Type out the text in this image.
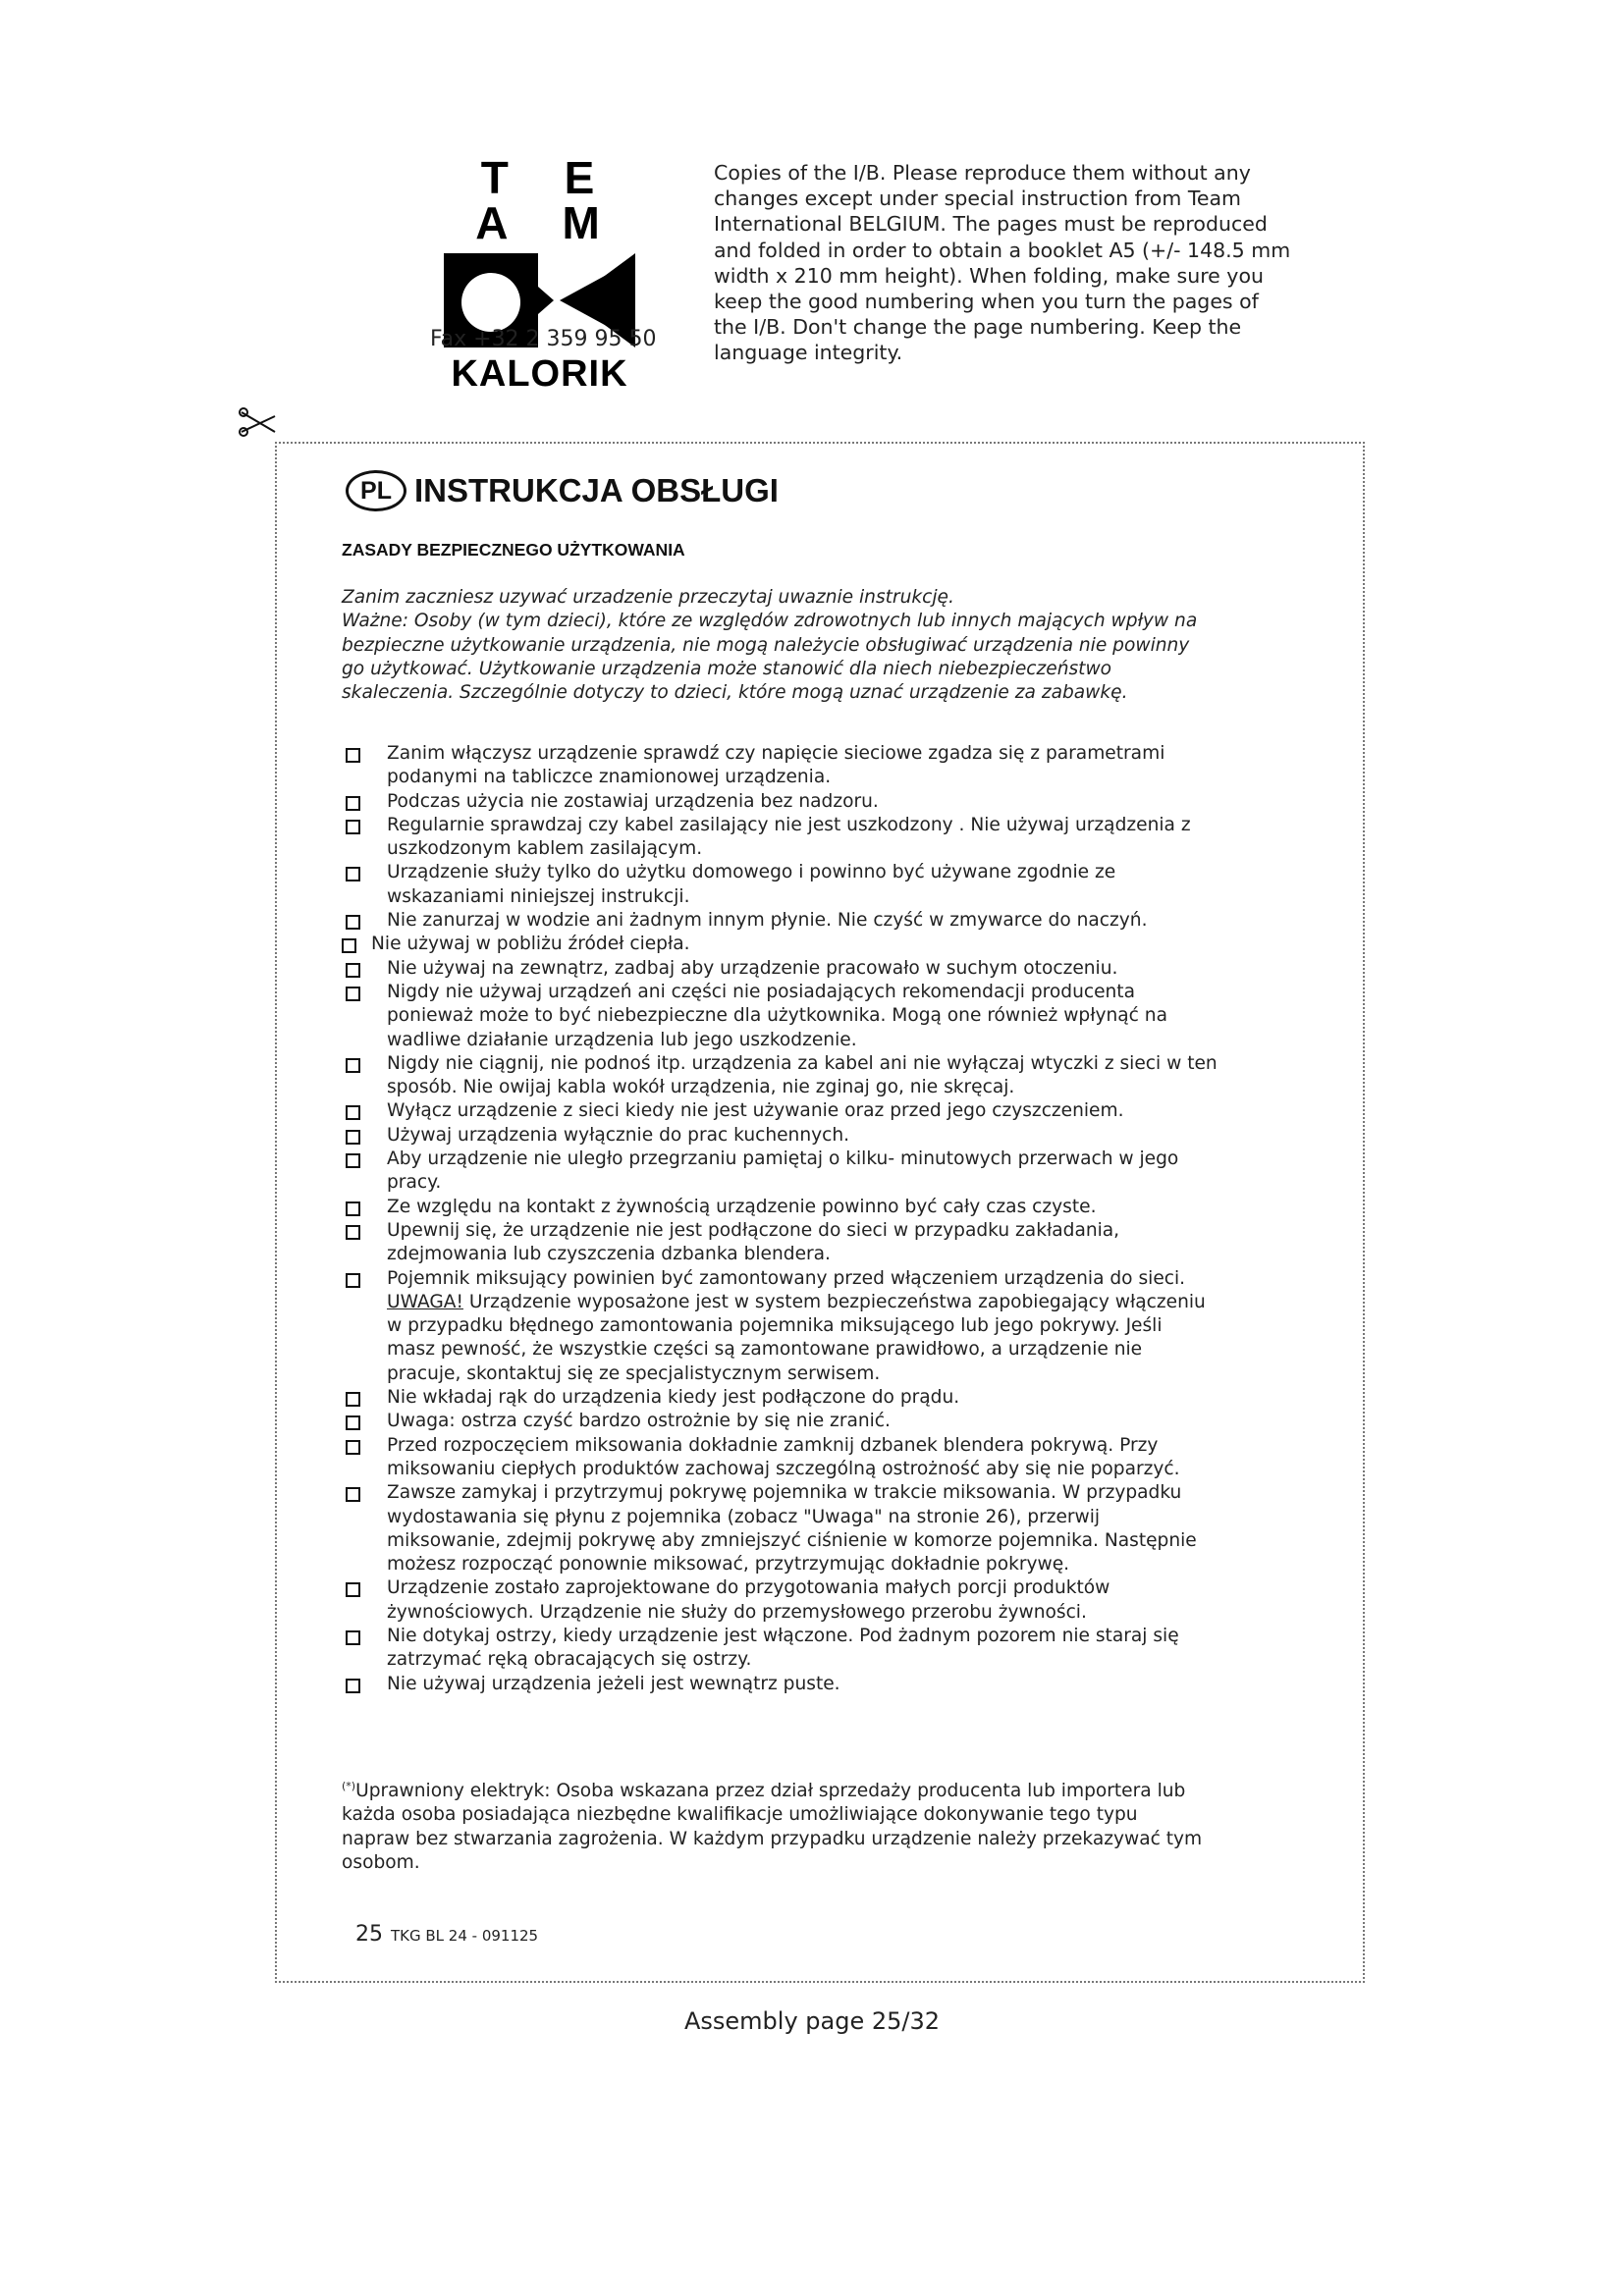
T E A M
KALORIK
Fax +32 2 359 95 50
Copies of the I/B. Please reproduce them without any
changes except under special instruction from Team
International BELGIUM. The pages must be reproduced
and folded in order to obtain a booklet A5 (+/- 148.5 mm
width x 210 mm height). When folding, make sure you
keep the good numbering when you turn the pages of
the I/B. Don't change the page numbering. Keep the
language integrity.
PL INSTRUKCJA OBSŁUGI
ZASADY BEZPIECZNEGO UŻYTKOWANIA
Zanim zaczniesz uzywać urzadzenie przeczytaj uwaznie instrukcję.
Ważne: Osoby (w tym dzieci), które ze względów zdrowotnych lub innych mających wpływ na
bezpieczne użytkowanie urządzenia, nie mogą należycie obsługiwać urządzenia nie powinny
go użytkować. Użytkowanie urządzenia może stanowić dla niech niebezpieczeństwo
skaleczenia. Szczególnie dotyczy to dzieci, które mogą uznać urządzenie za zabawkę.
Zanim włączysz urządzenie sprawdź czy napięcie sieciowe zgadza się z parametrami
podanymi na tabliczce znamionowej urządzenia.
Podczas użycia nie zostawiaj urządzenia bez nadzoru.
Regularnie sprawdzaj czy kabel zasilający nie jest uszkodzony . Nie używaj urządzenia z
uszkodzonym kablem zasilającym.
Urządzenie służy tylko do użytku domowego i powinno być używane zgodnie ze
wskazaniami niniejszej instrukcji.
Nie zanurzaj w wodzie ani żadnym innym płynie. Nie czyść w zmywarce do naczyń.
Nie używaj w pobliżu źródeł ciepła.
Nie używaj na zewnątrz, zadbaj aby urządzenie pracowało w suchym otoczeniu.
Nigdy nie używaj urządzeń ani części nie posiadających rekomendacji producenta
ponieważ może to być niebezpieczne dla użytkownika. Mogą one również wpłynąć na
wadliwe działanie urządzenia lub jego uszkodzenie.
Nigdy nie ciągnij, nie podnoś itp. urządzenia za kabel ani nie wyłączaj wtyczki z sieci w ten
sposób. Nie owijaj kabla wokół urządzenia, nie zginaj go, nie skręcaj.
Wyłącz urządzenie z sieci kiedy nie jest używanie oraz przed jego czyszczeniem.
Używaj urządzenia wyłącznie do prac kuchennych.
Aby urządzenie nie uległo przegrzaniu pamiętaj o kilku- minutowych przerwach w jego
pracy.
Ze względu na kontakt z żywnością urządzenie powinno być cały czas czyste.
Upewnij się, że urządzenie nie jest podłączone do sieci w przypadku zakładania,
zdejmowania lub czyszczenia dzbanka blendera.
Pojemnik miksujący powinien być zamontowany przed włączeniem urządzenia do sieci.
UWAGA! Urządzenie wyposażone jest w system bezpieczeństwa zapobiegający włączeniu
w przypadku błędnego zamontowania pojemnika miksującego lub jego pokrywy. Jeśli
masz pewność, że wszystkie części są zamontowane prawidłowo, a urządzenie nie
pracuje, skontaktuj się ze specjalistycznym serwisem.
Nie wkładaj rąk do urządzenia kiedy jest podłączone do prądu.
Uwaga: ostrza czyść bardzo ostrożnie by się nie zranić.
Przed rozpoczęciem miksowania dokładnie zamknij dzbanek blendera pokrywą. Przy
miksowaniu ciepłych produktów zachowaj szczególną ostrożność aby się nie poparzyć.
Zawsze zamykaj i przytrzymuj pokrywę pojemnika w trakcie miksowania. W przypadku
wydostawania się płynu z pojemnika (zobacz "Uwaga" na stronie 26), przerwij
miksowanie, zdejmij pokrywę aby zmniejszyć ciśnienie w komorze pojemnika. Następnie
możesz rozpocząć ponownie miksować, przytrzymując dokładnie pokrywę.
Urządzenie zostało zaprojektowane do przygotowania małych porcji produktów
żywnościowych. Urządzenie nie służy do przemysłowego przerobu żywności.
Nie dotykaj ostrzy, kiedy urządzenie jest włączone. Pod żadnym pozorem nie staraj się
zatrzymać ręką obracających się ostrzy.
Nie używaj urządzenia jeżeli jest wewnątrz puste.
(*)Uprawniony elektryk: Osoba wskazana przez dział sprzedaży producenta lub importera lub
każda osoba posiadająca niezbędne kwalifikacje umożliwiające dokonywanie tego typu
napraw bez stwarzania zagrożenia. W każdym przypadku urządzenie należy przekazywać tym
osobom.
25 TKG BL 24 - 091125
Assembly page 25/32
